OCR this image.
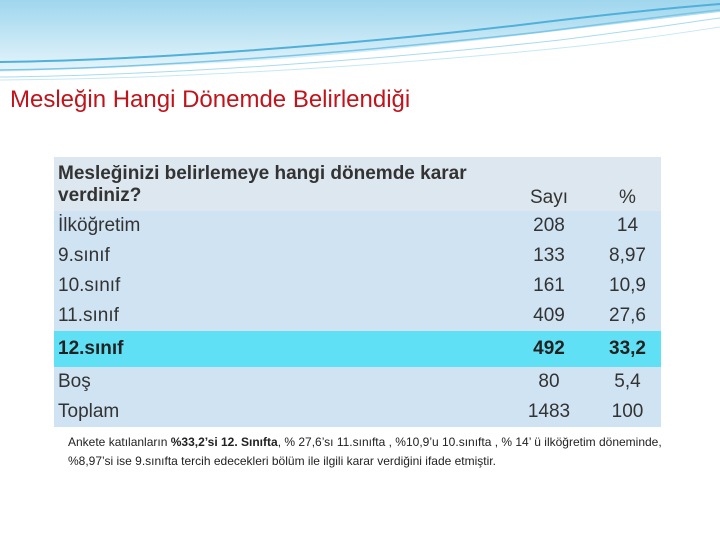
Mesleğin Hangi Dönemde Belirlendiği
Mesleğinizi belirlemeye hangi dönemde karar verdiniz?	Sayı	%
İlköğretim	208	14
9.sınıf	133	8,97
10.sınıf	161	10,9
11.sınıf	409	27,6
12.sınıf	492	33,2
Boş	80	5,4
Toplam	1483	100
Ankete katılanların %33,2’si 12. Sınıfta, % 27,6’sı 11.sınıfta , %10,9’u 10.sınıfta , % 14’ ü ilköğretim döneminde, %8,97’si ise 9.sınıfta tercih edecekleri bölüm ile ilgili karar verdiğini ifade etmiştir.
